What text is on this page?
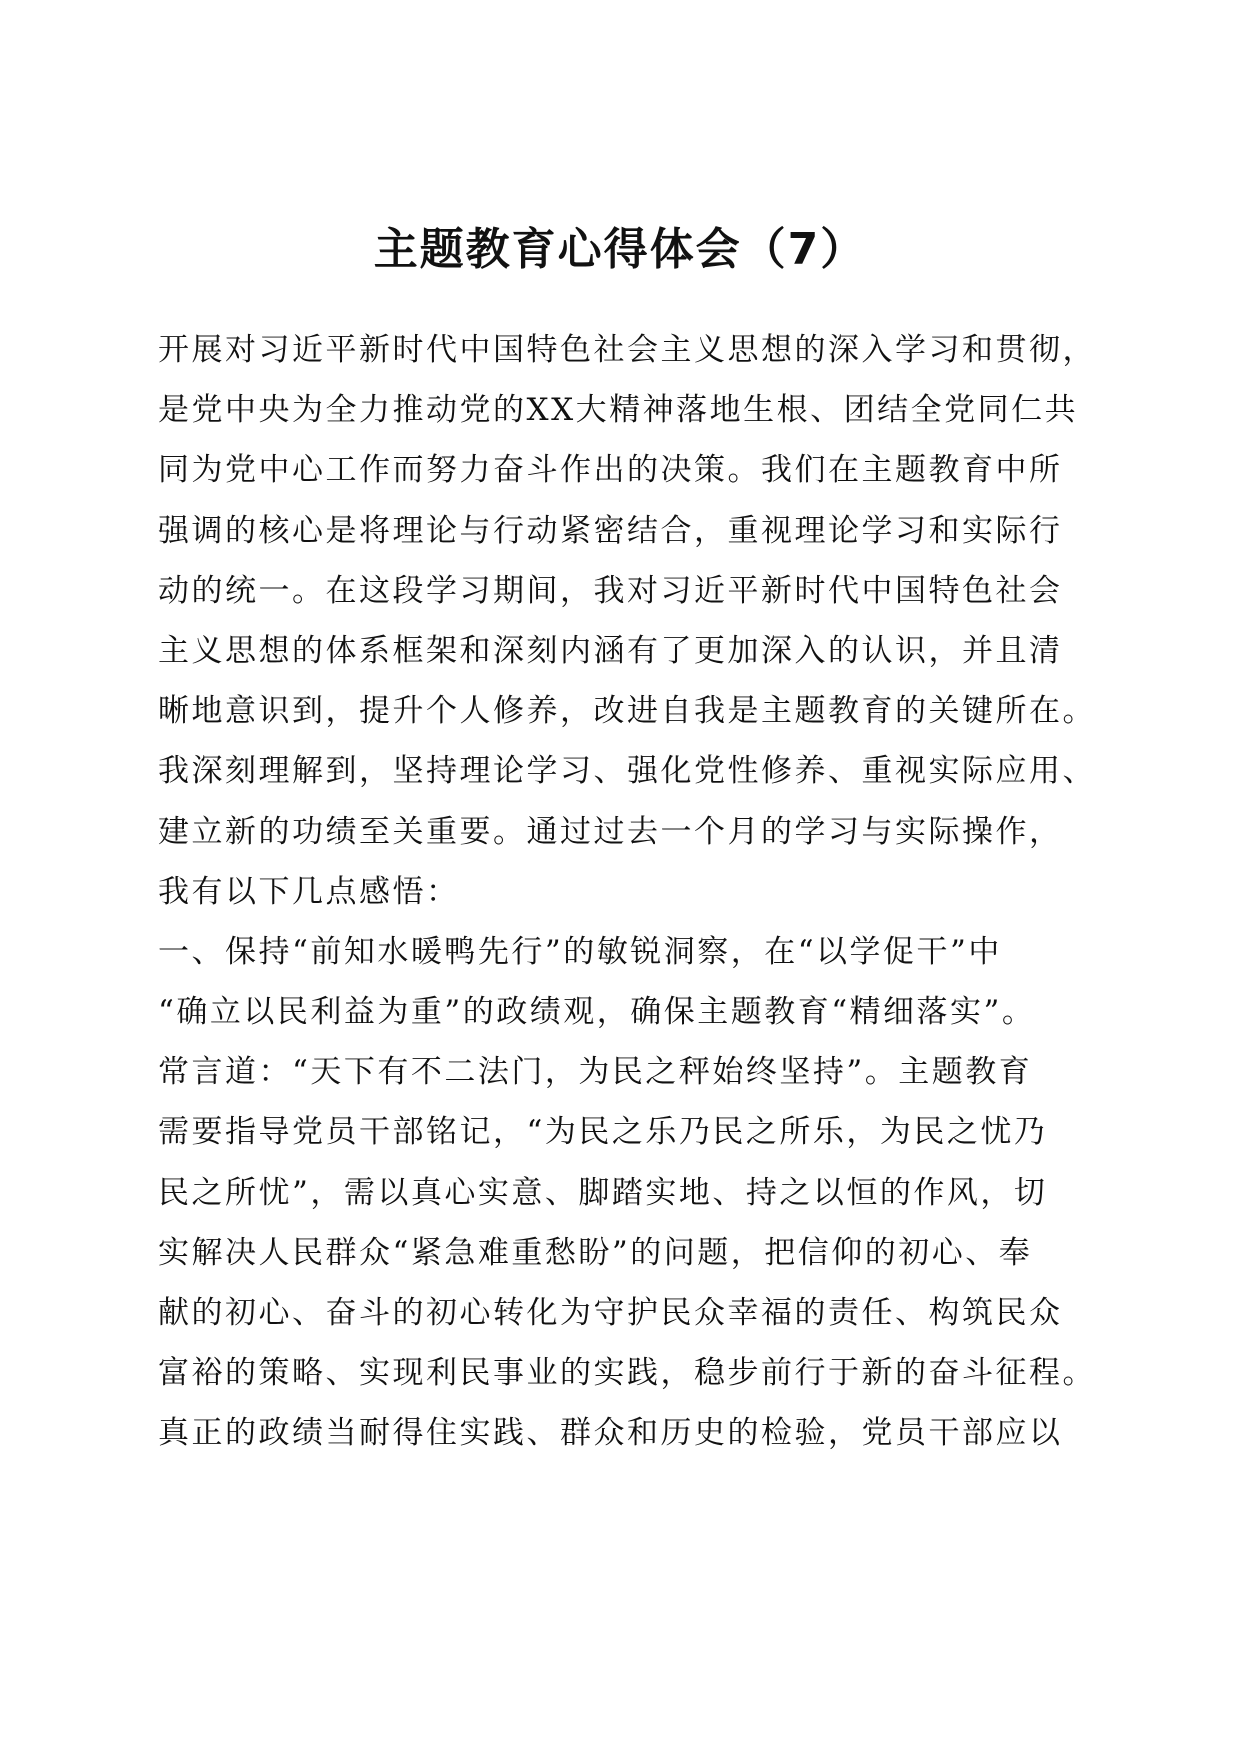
主题教育心得体会（7）
开展对习近平新时代中国特色社会主义思想的深入学习和贯彻，
是党中央为全力推动党的XX大精神落地生根、团结全党同仁共
同为党中心工作而努力奋斗作出的决策。我们在主题教育中所
强调的核心是将理论与行动紧密结合，重视理论学习和实际行
动的统一。在这段学习期间，我对习近平新时代中国特色社会
主义思想的体系框架和深刻内涵有了更加深入的认识，并且清
晰地意识到，提升个人修养，改进自我是主题教育的关键所在。
我深刻理解到，坚持理论学习、强化党性修养、重视实际应用、
建立新的功绩至关重要。通过过去一个月的学习与实际操作，
我有以下几点感悟：
一、保持“前知水暖鸭先行”的敏锐洞察，在“以学促干”中
“确立以民利益为重”的政绩观，确保主题教育“精细落实”。
常言道：“天下有不二法门，为民之秤始终坚持”。主题教育
需要指导党员干部铭记，“为民之乐乃民之所乐，为民之忧乃
民之所忧”，需以真心实意、脚踏实地、持之以恒的作风，切
实解决人民群众“紧急难重愁盼”的问题，把信仰的初心、奉
献的初心、奋斗的初心转化为守护民众幸福的责任、构筑民众
富裕的策略、实现利民事业的实践，稳步前行于新的奋斗征程。
真正的政绩当耐得住实践、群众和历史的检验，党员干部应以
